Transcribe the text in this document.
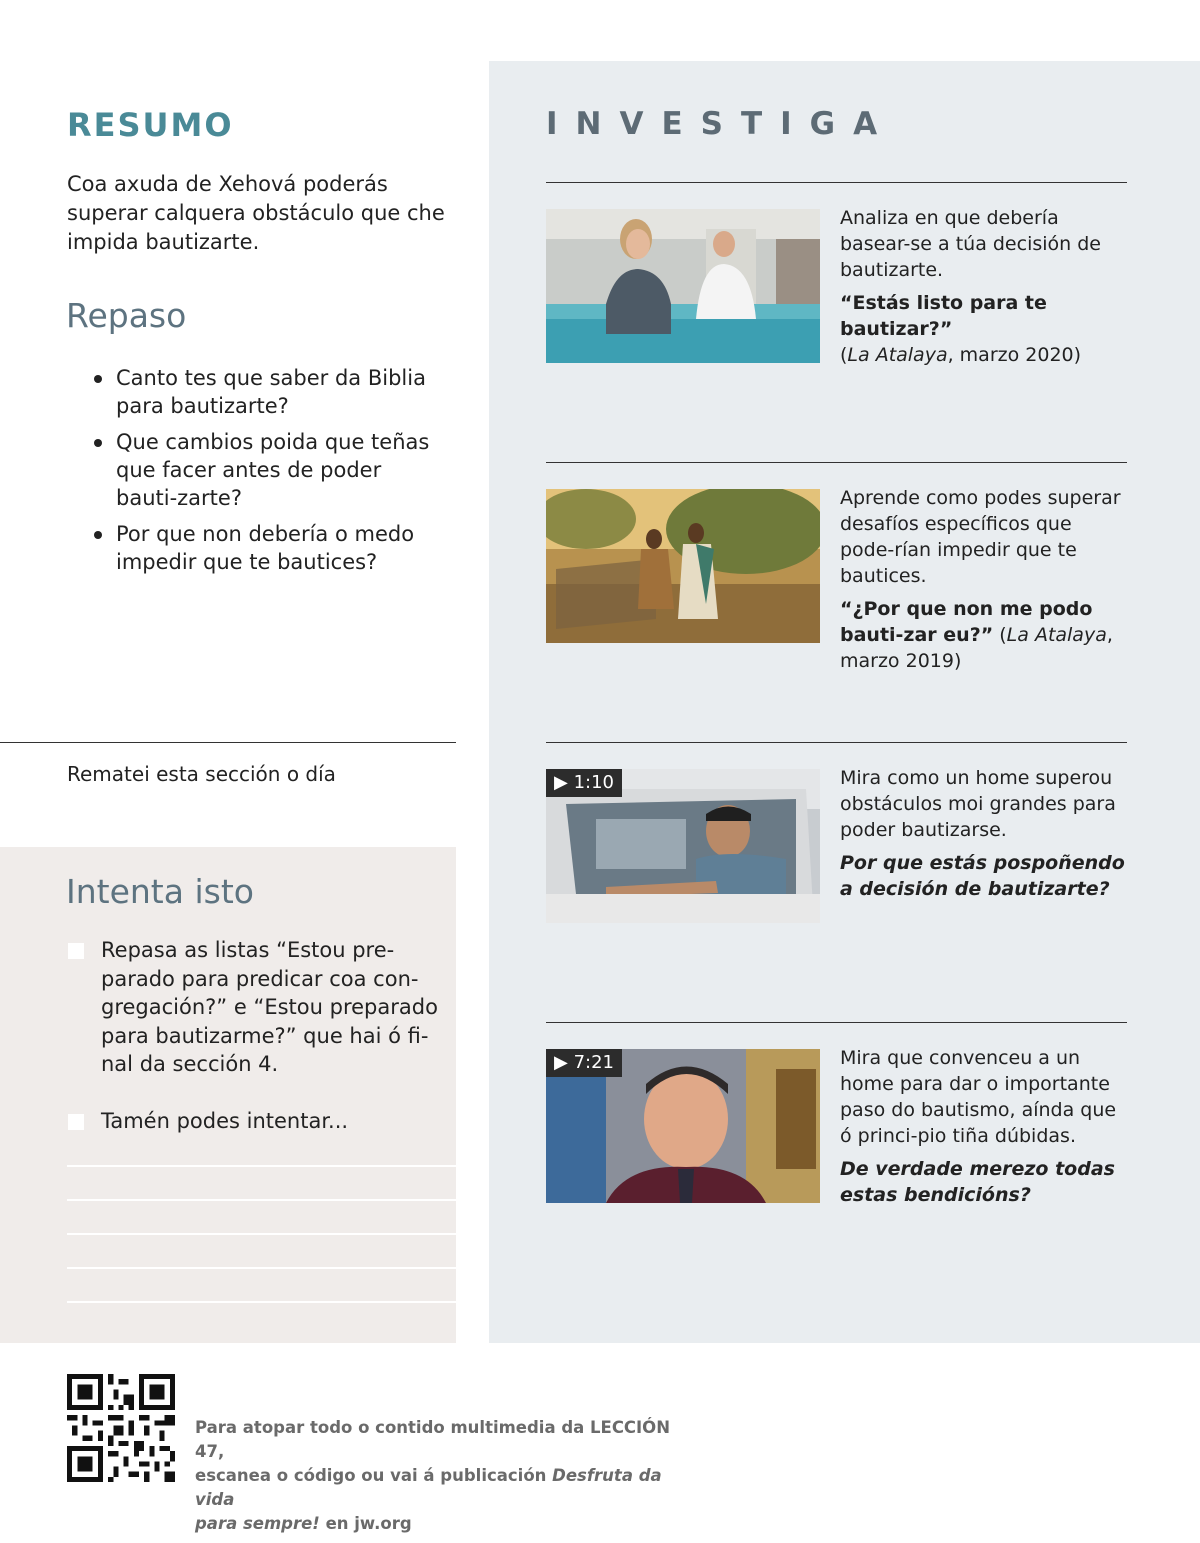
RESUMO
Coa axuda de Xehová poderás superar calquera obstáculo que che impida bautizarte.
Repaso
Canto tes que saber da Biblia para bautizarte?
Que cambios poida que teñas que facer antes de poder bauti-zarte?
Por que non debería o medo impedir que te bautices?
Rematei esta sección o día
Intenta isto
Repasa as listas “Estou pre-parado para predicar coa con-gregación?” e “Estou preparado para bautizarme?” que hai ó fi-nal da sección 4.
Tamén podes intentar...
INVESTIGA
Analiza en que debería basear-se a túa decisión de bautizarte.
“Estás listo para te bautizar?”
(La Atalaya, marzo 2020)
Aprende como podes superar desafíos específicos que pode-rían impedir que te bautices.
“¿Por que non me podo bauti-zar eu?” (La Atalaya, marzo 2019)
▶ 1:10	Mira como un home superou obstáculos moi grandes para poder bautizarse.
Por que estás pospoñendo a decisión de bautizarte?
▶ 7:21	Mira que convenceu a un home para dar o importante paso do bautismo, aínda que ó princi-pio tiña dúbidas.
De verdade merezo todas estas bendicións?
Para atopar todo o contido multimedia da LECCIÓN 47,
escanea o código ou vai á publicación Desfruta da vida
para sempre! en jw.org
